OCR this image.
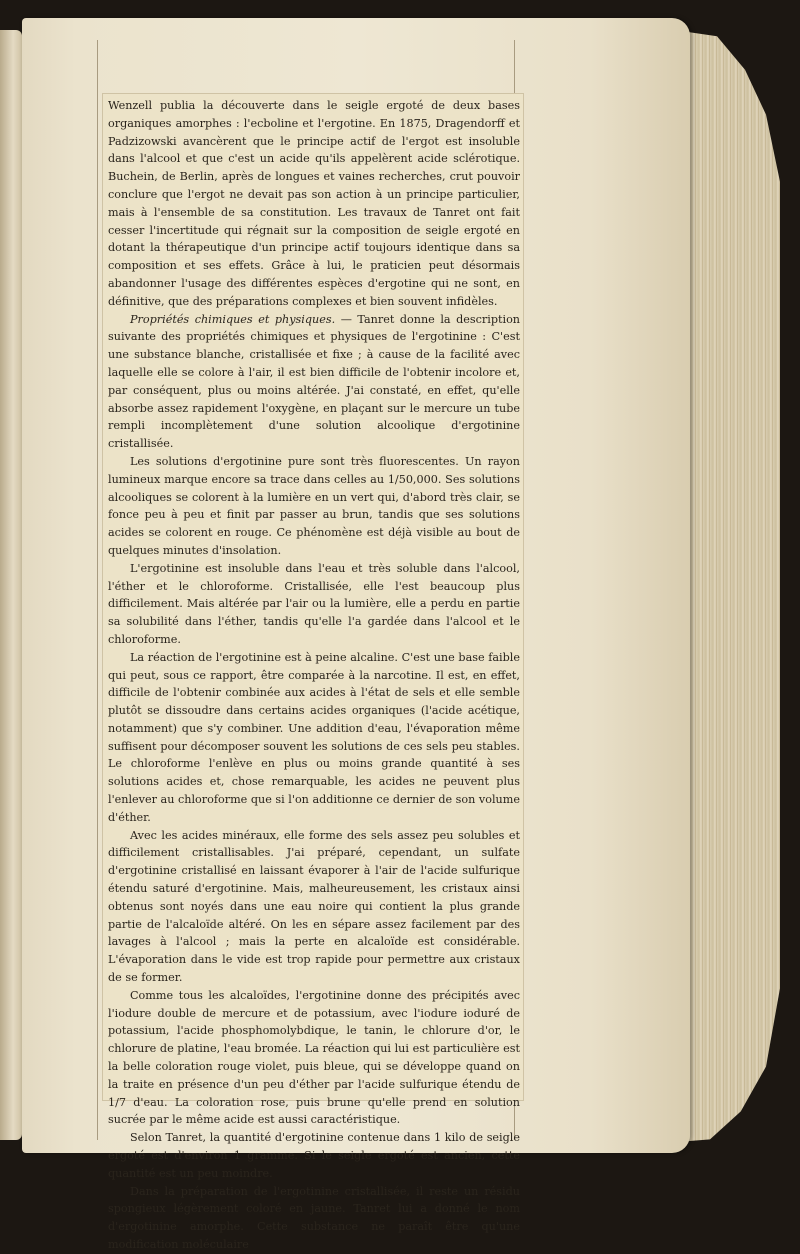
Wenzell publia la découverte dans le seigle ergoté de deux bases organiques amorphes : l'ecboline et l'ergotine. En 1875, Dragendorff et Padzizowski avancèrent que le principe actif de l'ergot est insoluble dans l'alcool et que c'est un acide qu'ils appelèrent acide sclérotique. Buchein, de Berlin, après de longues et vaines recherches, crut pouvoir conclure que l'ergot ne devait pas son action à un principe particulier, mais à l'ensemble de sa constitution. Les travaux de Tanret ont fait cesser l'incertitude qui régnait sur la composition de seigle ergoté en dotant la thérapeutique d'un principe actif toujours identique dans sa composition et ses effets. Grâce à lui, le praticien peut désormais abandonner l'usage des différentes espèces d'ergotine qui ne sont, en définitive, que des préparations complexes et bien souvent infidèles.

Propriétés chimiques et physiques. — Tanret donne la description suivante des propriétés chimiques et physiques de l'ergotinine : C'est une substance blanche, cristallisée et fixe ; à cause de la facilité avec laquelle elle se colore à l'air, il est bien difficile de l'obtenir incolore et, par conséquent, plus ou moins altérée. J'ai constaté, en effet, qu'elle absorbe assez rapidement l'oxygène, en plaçant sur le mercure un tube rempli incomplètement d'une solution alcoolique d'ergotinine cristallisée.

Les solutions d'ergotinine pure sont très fluorescentes. Un rayon lumineux marque encore sa trace dans celles au 1/50,000. Ses solutions alcooliques se colorent à la lumière en un vert qui, d'abord très clair, se fonce peu à peu et finit par passer au brun, tandis que ses solutions acides se colorent en rouge. Ce phénomène est déjà visible au bout de quelques minutes d'insolation.

L'ergotinine est insoluble dans l'eau et très soluble dans l'alcool, l'éther et le chloroforme. Cristallisée, elle l'est beaucoup plus difficilement. Mais altérée par l'air ou la lumière, elle a perdu en partie sa solubilité dans l'éther, tandis qu'elle l'a gardée dans l'alcool et le chloroforme.

La réaction de l'ergotinine est à peine alcaline. C'est une base faible qui peut, sous ce rapport, être comparée à la narcotine. Il est, en effet, difficile de l'obtenir combinée aux acides à l'état de sels et elle semble plutôt se dissoudre dans certains acides organiques (l'acide acétique, notamment) que s'y combiner. Une addition d'eau, l'évaporation même suffisent pour décomposer souvent les solutions de ces sels peu stables. Le chloroforme l'enlève en plus ou moins grande quantité à ses solutions acides et, chose remarquable, les acides ne peuvent plus l'enlever au chloroforme que si l'on additionne ce dernier de son volume d'éther.

Avec les acides minéraux, elle forme des sels assez peu solubles et difficilement cristallisables. J'ai préparé, cependant, un sulfate d'ergotinine cristallisé en laissant évaporer à l'air de l'acide sulfurique étendu saturé d'ergotinine. Mais, malheureusement, les cristaux ainsi obtenus sont noyés dans une eau noire qui contient la plus grande partie de l'alcaloïde altéré. On les en sépare assez facilement par des lavages à l'alcool ; mais la perte en alcaloïde est considérable. L'évaporation dans le vide est trop rapide pour permettre aux cristaux de se former.

Comme tous les alcaloïdes, l'ergotinine donne des précipités avec l'iodure double de mercure et de potassium, avec l'iodure ioduré de potassium, l'acide phosphomolybdique, le tanin, le chlorure d'or, le chlorure de platine, l'eau bromée. La réaction qui lui est particulière est la belle coloration rouge violet, puis bleue, qui se développe quand on la traite en présence d'un peu d'éther par l'acide sulfurique étendu de 1/7 d'eau. La coloration rose, puis brune qu'elle prend en solution sucrée par le même acide est aussi caractéristique.

Selon Tanret, la quantité d'ergotinine contenue dans 1 kilo de seigle ergoté est d'environ 1 gramme. Si le seigle ergoté est ancien, cette quantité est un peu moindre.

Dans la préparation de l'ergotinine cristallisée, il reste un résidu spongieux légèrement coloré en jaune. Tanret lui a donné le nom d'ergotinine amorphe. Cette substance ne paraît être qu'une modification moléculaire
